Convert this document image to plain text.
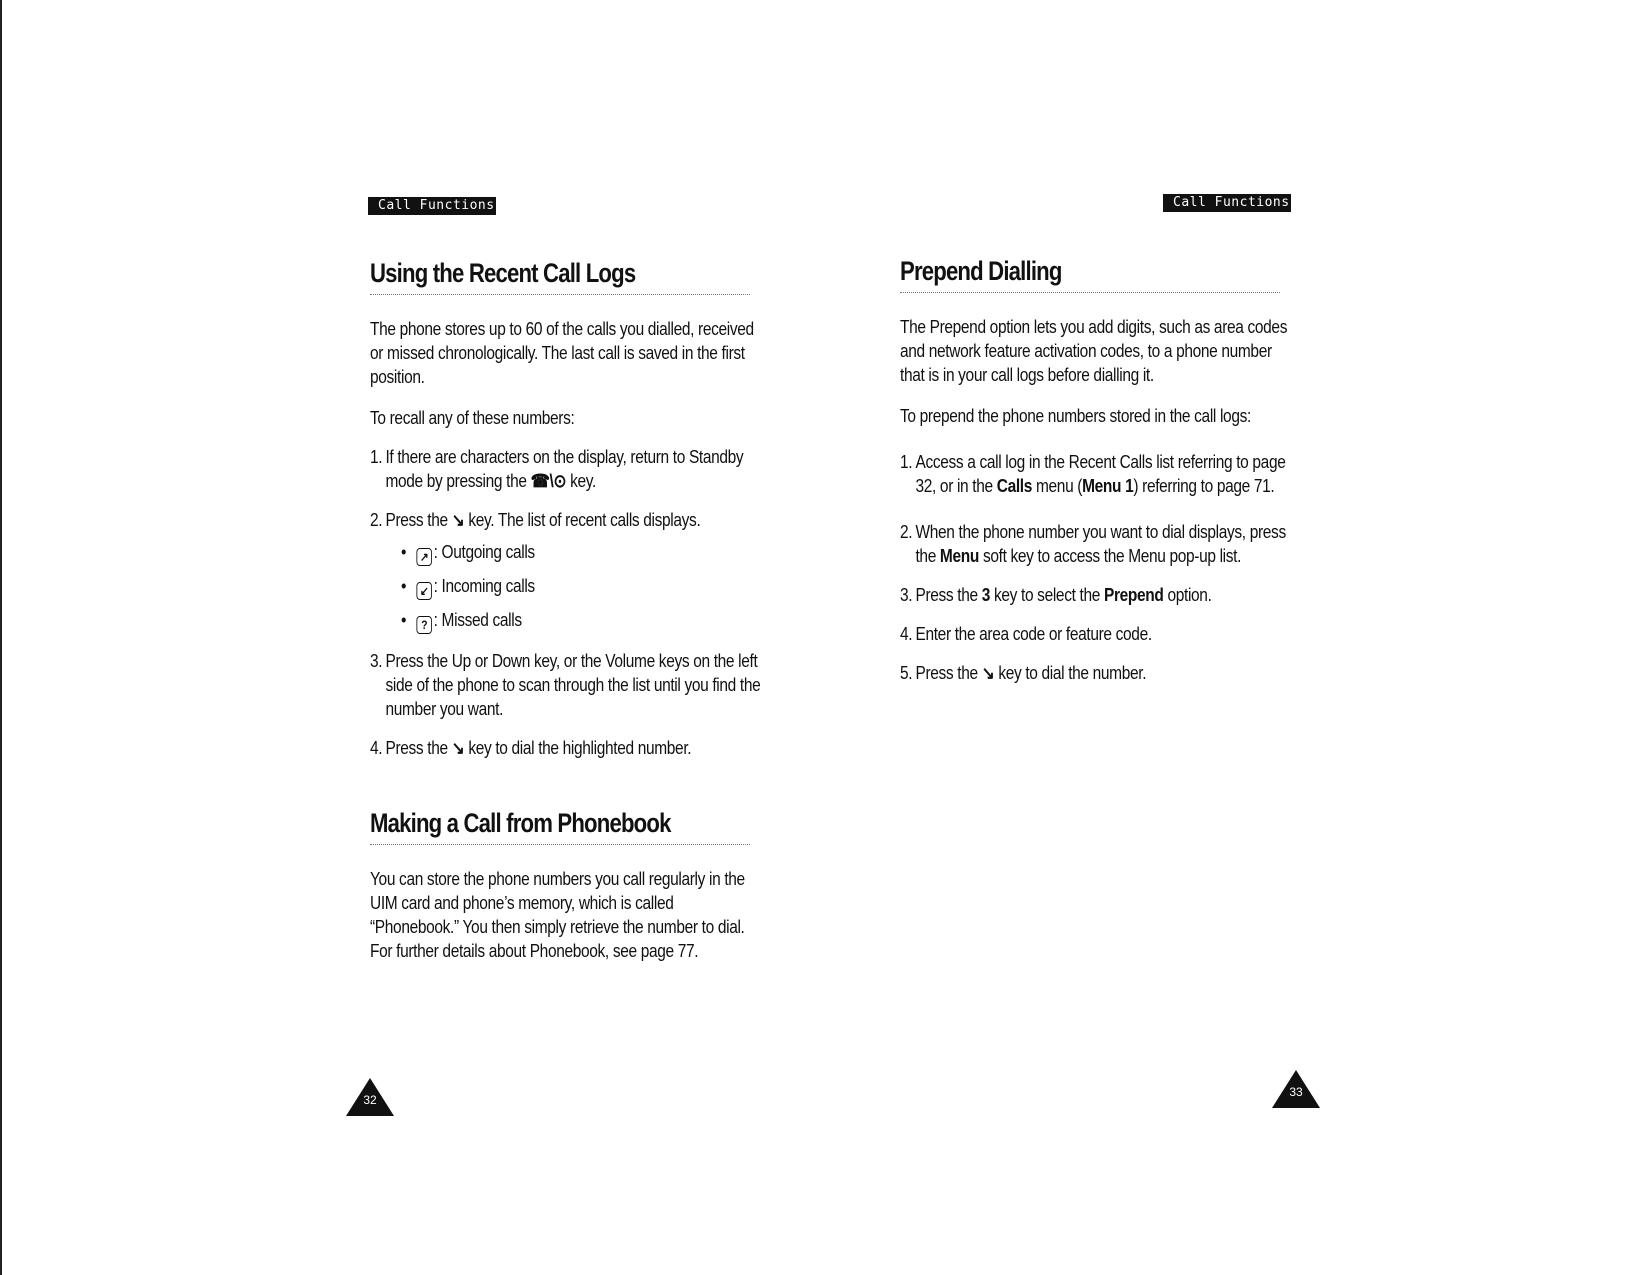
Call Functions	Call Functions
Using the Recent Call Logs

The phone stores up to 60 of the calls you dialled, received or missed chronologically. The last call is saved in the first position.

To recall any of these numbers:

1. If there are characters on the display, return to Standby mode by pressing the ☎\⊙ key.
2. Press the ↘ key. The list of recent calls displays.
• ↗ : Outgoing calls
• ↙ : Incoming calls
• ? : Missed calls
3. Press the Up or Down key, or the Volume keys on the left side of the phone to scan through the list until you find the number you want.
4. Press the ↘ key to dial the highlighted number.
Making a Call from Phonebook

You can store the phone numbers you call regularly in the UIM card and phone’s memory, which is called “Phonebook.” You then simply retrieve the number to dial. For further details about Phonebook, see page 77.

Prepend Dialling

The Prepend option lets you add digits, such as area codes and network feature activation codes, to a phone number that is in your call logs before dialling it.

To prepend the phone numbers stored in the call logs:

1. Access a call log in the Recent Calls list referring to page 32, or in the Calls menu (Menu 1) referring to page 71.
2. When the phone number you want to dial displays, press the Menu soft key to access the Menu pop-up list.
3. Press the 3 key to select the Prepend option.
4. Enter the area code or feature code.
5. Press the ↘ key to dial the number.
32
33
